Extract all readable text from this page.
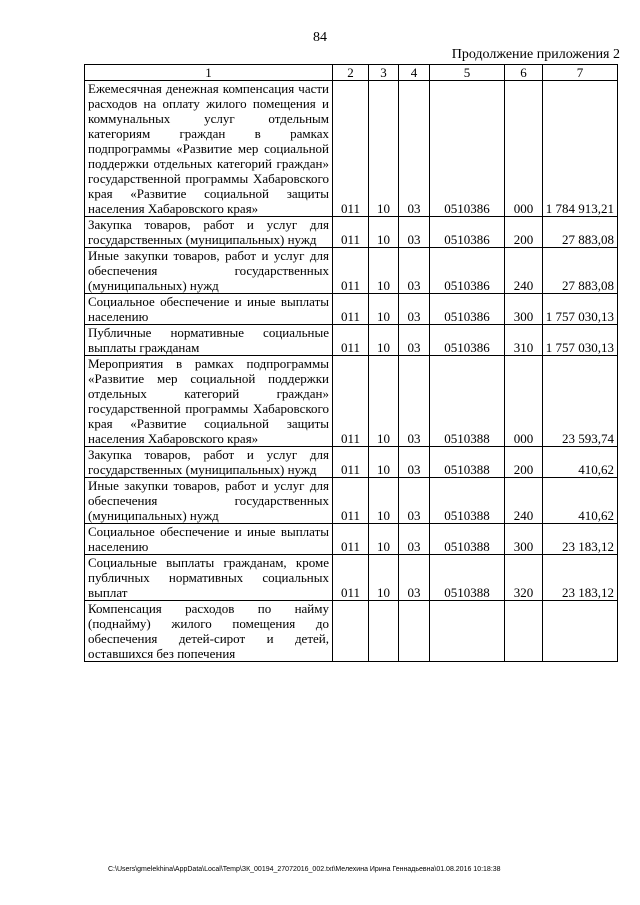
84
Продолжение приложения 2
1	2	3	4	5	6	7
Ежемесячная денежная компенсация части расходов на оплату жилого помещения и коммунальных услуг отдельным категориям граждан в рамках подпрограммы «Развитие мер социальной поддержки отдельных категорий граждан» государственной программы Хабаровского края «Развитие социальной защиты населения Хабаровского края»	011	10	03	0510386	000	1 784 913,21
Закупка товаров, работ и услуг для государственных (муниципальных) нужд	011	10	03	0510386	200	27 883,08
Иные закупки товаров, работ и услуг для обеспечения государственных (муниципальных) нужд	011	10	03	0510386	240	27 883,08
Социальное обеспечение и иные выплаты населению	011	10	03	0510386	300	1 757 030,13
Публичные нормативные социальные выплаты гражданам	011	10	03	0510386	310	1 757 030,13
Мероприятия в рамках подпрограммы «Развитие мер социальной поддержки отдельных категорий граждан» государственной программы Хабаровского края «Развитие социальной защиты населения Хабаровского края»	011	10	03	0510388	000	23 593,74
Закупка товаров, работ и услуг для государственных (муниципальных) нужд	011	10	03	0510388	200	410,62
Иные закупки товаров, работ и услуг для обеспечения государственных (муниципальных) нужд	011	10	03	0510388	240	410,62
Социальное обеспечение и иные выплаты населению	011	10	03	0510388	300	23 183,12
Социальные выплаты гражданам, кроме публичных нормативных социальных выплат	011	10	03	0510388	320	23 183,12
Компенсация расходов по найму (поднайму) жилого помещения до обеспечения детей-сирот и детей, оставшихся без попечения						
C:\Users\gmelekhina\AppData\Local\Temp\ЗК_00194_27072016_002.txt\Мелехина Ирина Геннадьевна\01.08.2016 10:18:38
